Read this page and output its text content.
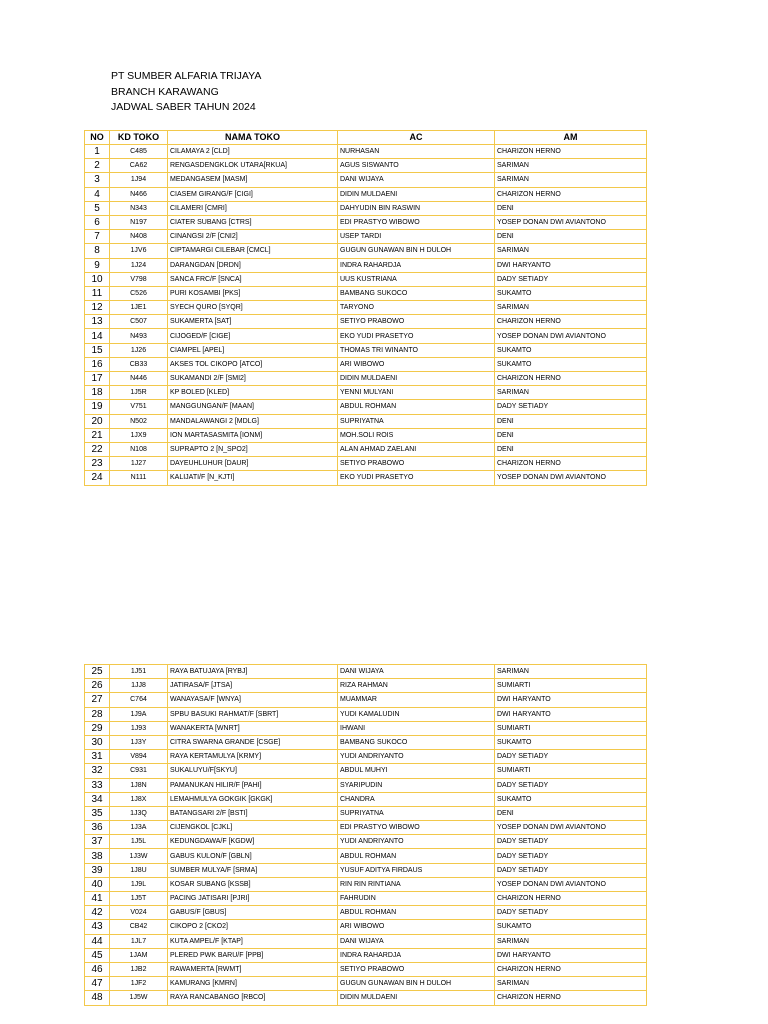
PT SUMBER ALFARIA TRIJAYA
BRANCH KARAWANG
JADWAL SABER TAHUN 2024
NO	KD TOKO	NAMA TOKO	AC	AM
1	C485	CILAMAYA 2 [CLD]	NURHASAN	CHARIZON HERNO
2	CA62	RENGASDENGKLOK UTARA[RKUA]	AGUS SISWANTO	SARIMAN
3	1J94	MEDANGASEM [MASM]	DANI WIJAYA	SARIMAN
4	N466	CIASEM GIRANG/F [CIGI]	DIDIN MULDAENI	CHARIZON HERNO
5	N343	CILAMERI [CMRI]	DAHYUDIN BIN RASWIN	DENI
6	N197	CIATER SUBANG [CTRS]	EDI PRASTYO WIBOWO	YOSEP DONAN DWI AVIANTONO
7	N408	CINANGSI 2/F [CNI2]	USEP TARDI	DENI
8	1JV6	CIPTAMARGI CILEBAR [CMCL]	GUGUN GUNAWAN BIN H DULOH	SARIMAN
9	1J24	DARANGDAN [DRDN]	INDRA RAHARDJA	DWI HARYANTO
10	V798	SANCA FRC/F [SNCA]	UUS KUSTRIANA	DADY SETIADY
11	C526	PURI KOSAMBI [PKS]	BAMBANG SUKOCO	SUKAMTO
12	1JE1	SYECH QURO [SYQR]	TARYONO	SARIMAN
13	C507	SUKAMERTA [SAT]	SETIYO PRABOWO	CHARIZON HERNO
14	N493	CIJOGED/F [CIGE]	EKO YUDI PRASETYO	YOSEP DONAN DWI AVIANTONO
15	1J26	CIAMPEL [APEL]	THOMAS TRI WINANTO	SUKAMTO
16	CB33	AKSES TOL CIKOPO [ATCO]	ARI WIBOWO	SUKAMTO
17	N446	SUKAMANDI 2/F [SMI2]	DIDIN MULDAENI	CHARIZON HERNO
18	1J5R	KP BOLED [KLED]	YENNI MULYANI	SARIMAN
19	V751	MANGGUNGAN/F [MAAN]	ABDUL ROHMAN	DADY SETIADY
20	N502	MANDALAWANGI 2 [MDLG]	SUPRIYATNA	DENI
21	1JX9	ION MARTASASMITA [IONM]	MOH.SOLI ROIS	DENI
22	N108	SUPRAPTO 2 [N_SPO2]	ALAN AHMAD ZAELANI	DENI
23	1J27	DAYEUHLUHUR [DAUR]	SETIYO PRABOWO	CHARIZON HERNO
24	N111	KALIJATI/F [N_KJTI]	EKO YUDI PRASETYO	YOSEP DONAN DWI AVIANTONO
25	1J51	RAYA BATUJAYA [RYBJ]	DANI WIJAYA	SARIMAN
26	1JJ8	JATIRASA/F [JTSA]	RIZA RAHMAN	SUMIARTI
27	C764	WANAYASA/F [WNYA]	MUAMMAR	DWI HARYANTO
28	1J9A	SPBU BASUKI RAHMAT/F [SBRT]	YUDI KAMALUDIN	DWI HARYANTO
29	1J93	WANAKERTA [WNRT]	IHWANI	SUMIARTI
30	1J3Y	CITRA SWARNA GRANDE [CSGE]	BAMBANG SUKOCO	SUKAMTO
31	V894	RAYA KERTAMULYA [KRMY]	YUDI ANDRIYANTO	DADY SETIADY
32	C931	SUKALUYU/F[SKYU]	ABDUL MUHYI	SUMIARTI
33	1J8N	PAMANUKAN HILIR/F [PAHI]	SYARIPUDIN	DADY SETIADY
34	1J8X	LEMAHMULYA GOKGIK [GKGK]	CHANDRA	SUKAMTO
35	1J3Q	BATANGSARI 2/F [BSTI]	SUPRIYATNA	DENI
36	1J3A	CIJENGKOL [CJKL]	EDI PRASTYO WIBOWO	YOSEP DONAN DWI AVIANTONO
37	1J5L	KEDUNGDAWA/F [KGDW]	YUDI ANDRIYANTO	DADY SETIADY
38	1J3W	GABUS KULON/F [GBLN]	ABDUL ROHMAN	DADY SETIADY
39	1J8U	SUMBER MULYA/F [SRMA]	YUSUF ADITYA FIRDAUS	DADY SETIADY
40	1J9L	KOSAR SUBANG [KSSB]	RIN RIN RINTIANA	YOSEP DONAN DWI AVIANTONO
41	1J5T	PACING JATISARI [PJRI]	FAHRUDIN	CHARIZON HERNO
42	V024	GABUS/F [GBUS]	ABDUL ROHMAN	DADY SETIADY
43	CB42	CIKOPO 2 [CKO2]	ARI WIBOWO	SUKAMTO
44	1JL7	KUTA AMPEL/F [KTAP]	DANI WIJAYA	SARIMAN
45	1JAM	PLERED PWK BARU/F [PPB]	INDRA RAHARDJA	DWI HARYANTO
46	1JB2	RAWAMERTA [RWMT]	SETIYO PRABOWO	CHARIZON HERNO
47	1JF2	KAMURANG [KMRN]	GUGUN GUNAWAN BIN H DULOH	SARIMAN
48	1J5W	RAYA RANCABANGO [RBCO]	DIDIN MULDAENI	CHARIZON HERNO
